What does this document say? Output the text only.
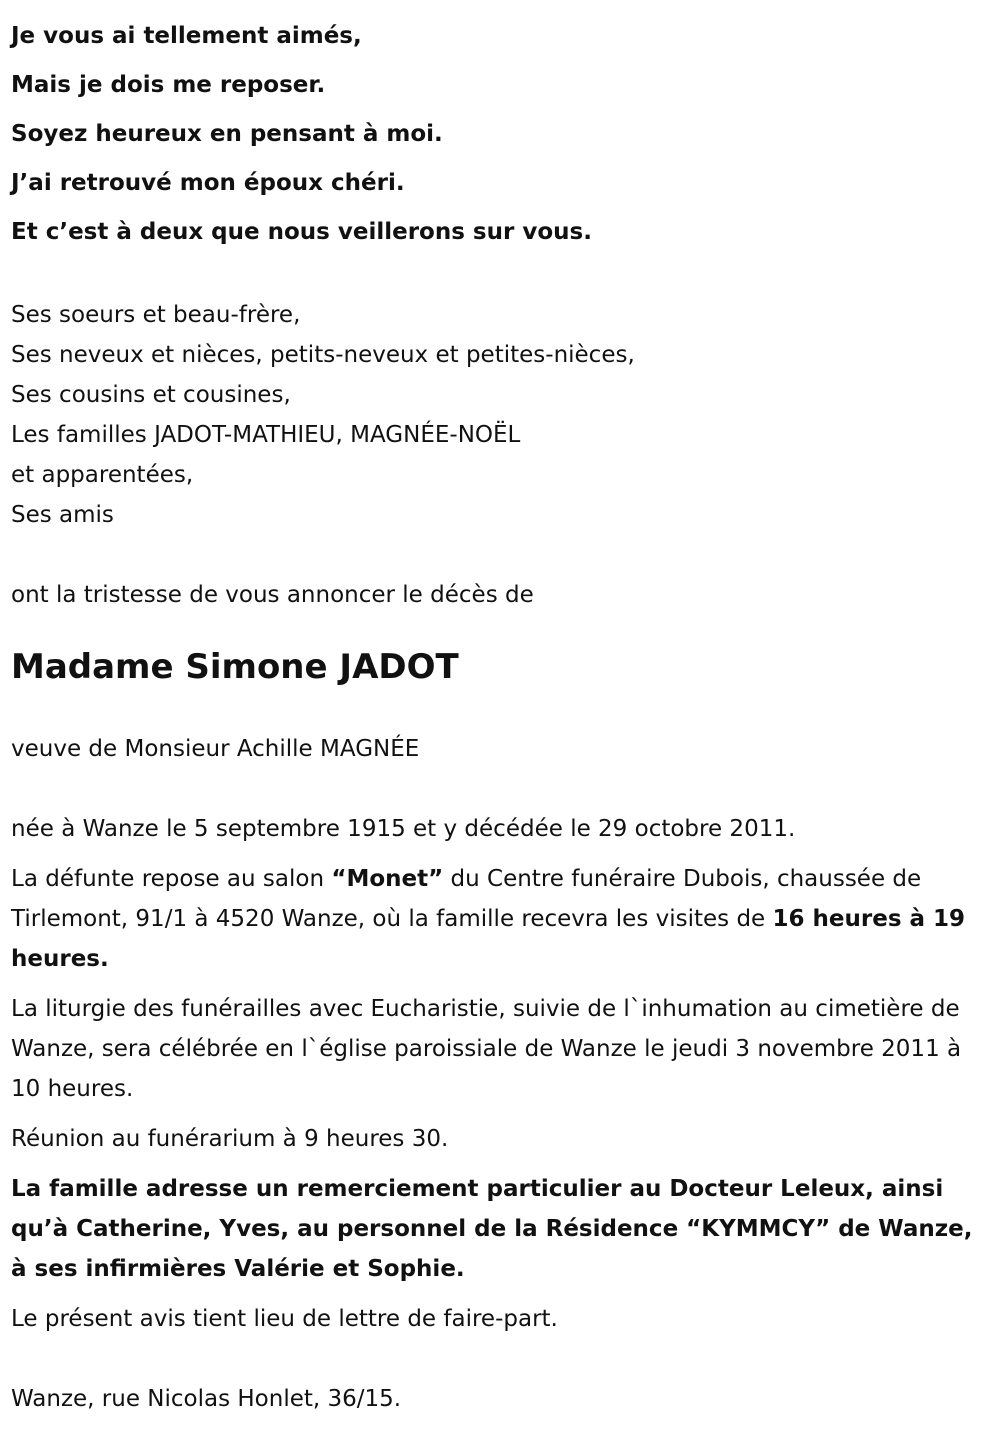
Je vous ai tellement aimés,

Mais je dois me reposer.

Soyez heureux en pensant à moi.

J’ai retrouvé mon époux chéri.

Et c’est à deux que nous veillerons sur vous.

Ses soeurs et beau-frère,

Ses neveux et nièces, petits-neveux et petites-nièces,

Ses cousins et cousines,

Les familles JADOT-MATHIEU, MAGNÉE-NOËL

et apparentées,

Ses amis

ont la tristesse de vous annoncer le décès de
Madame Simone JADOT
veuve de Monsieur Achille MAGNÉE

née à Wanze le 5 septembre 1915 et y décédée le 29 octobre 2011.

La défunte repose au salon “Monet” du Centre funéraire Dubois, chaussée de Tirlemont, 91/1 à 4520 Wanze, où la famille recevra les visites de 16 heures à 19 heures.

La liturgie des funérailles avec Eucharistie, suivie de l`inhumation au cimetière de Wanze, sera célébrée en l`église paroissiale de Wanze le jeudi 3 novembre 2011 à 10 heures.

Réunion au funérarium à 9 heures 30.

La famille adresse un remerciement particulier au Docteur Leleux, ainsi qu’à Catherine, Yves, au personnel de la Résidence “KYMMCY” de Wanze, à ses infirmières Valérie et Sophie.

Le présent avis tient lieu de lettre de faire-part.

Wanze, rue Nicolas Honlet, 36/15.
